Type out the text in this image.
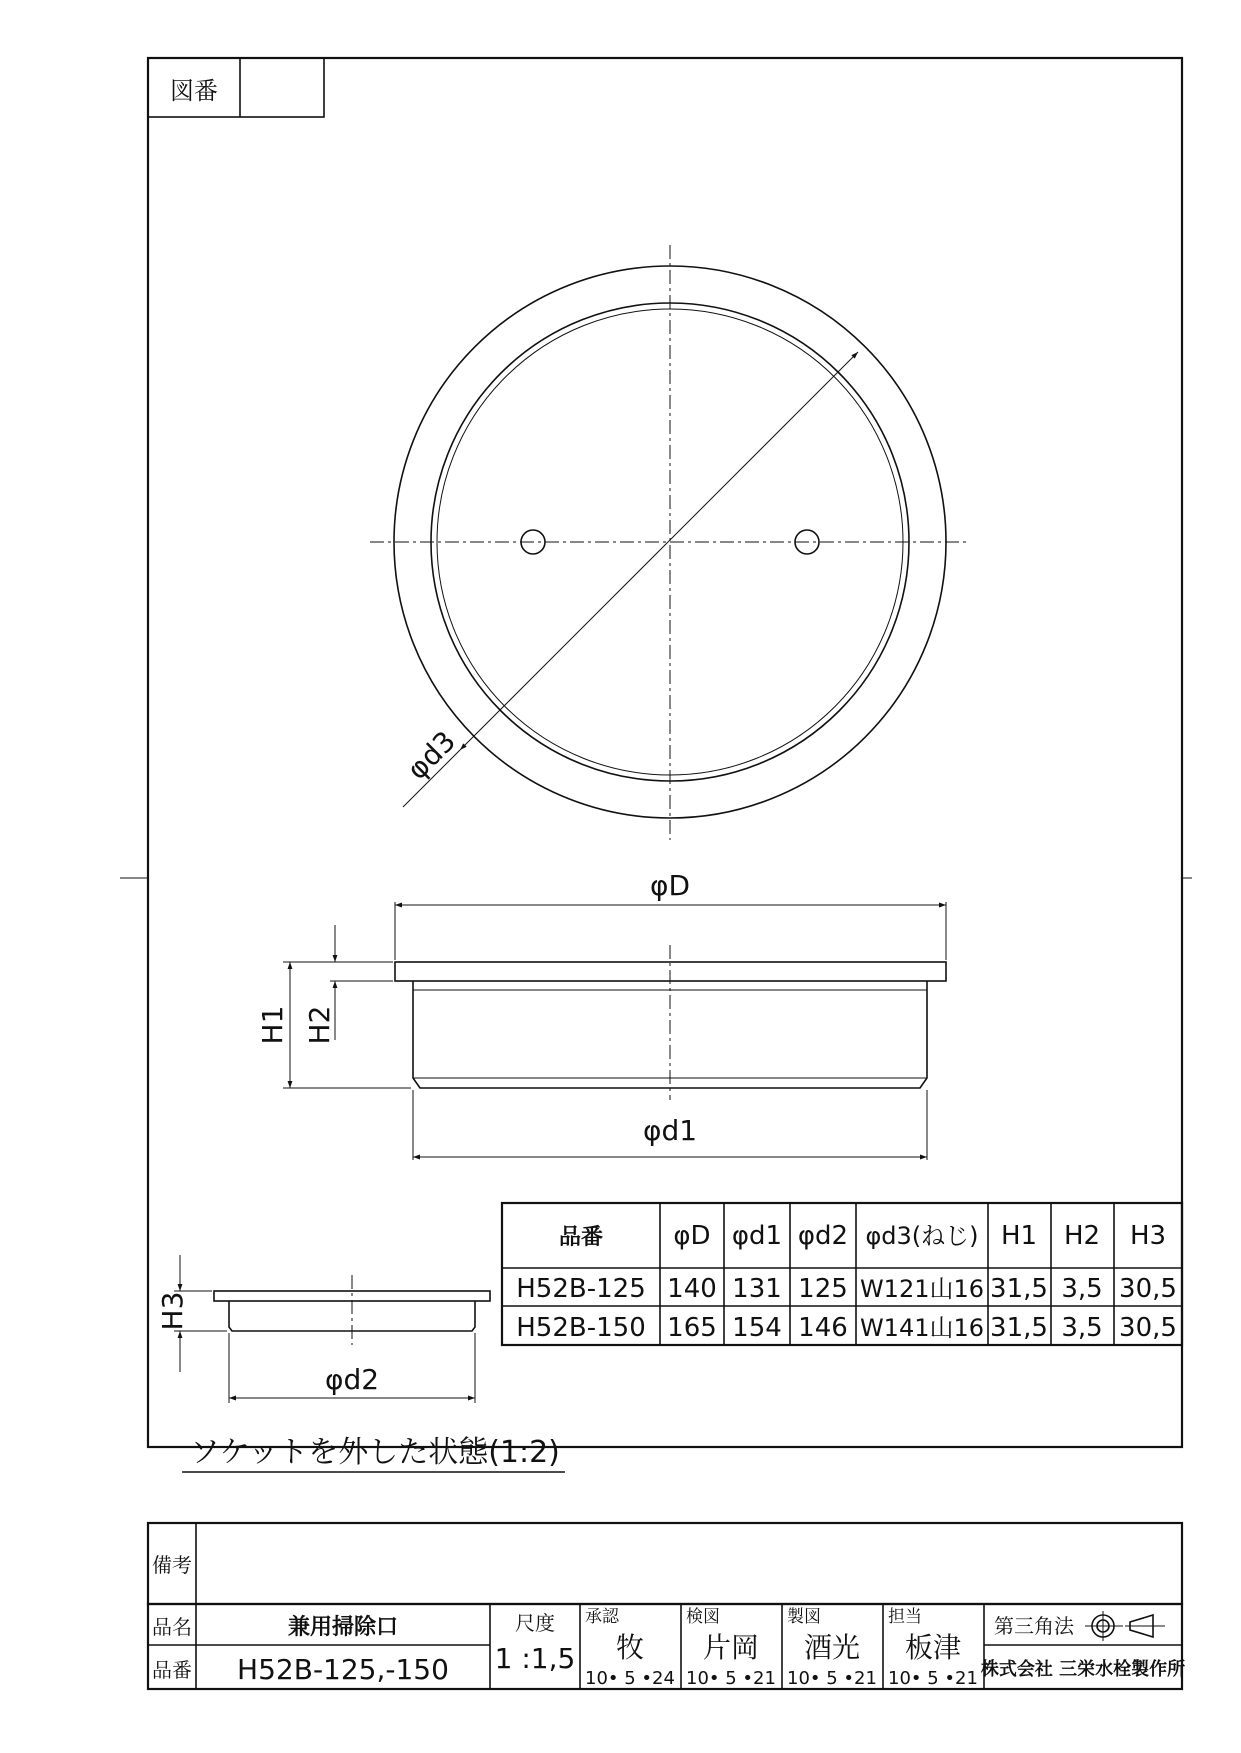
図番
φd3
φD
φd1
H1 H2
H3
φd2
ソケットを外した状態(1:2)
品番	φD φd1 φd2 φd3(ねじ) H1 H2 H3
H52B-125 140 131 125 W121山16 31,5 3,5 30,5
H52B-150 165 154 146 W141山16 31,5 3,5 30,5
備考
品名	兼用掃除口
品番 H52B-125,-150
尺度
1 :1,5
承認
牧
10• 5 •24
検図
片岡
10• 5 •21
製図
酒光
10• 5 •21
担当
板津
10• 5 •21
第三角法
株式会社 三栄水栓製作所
